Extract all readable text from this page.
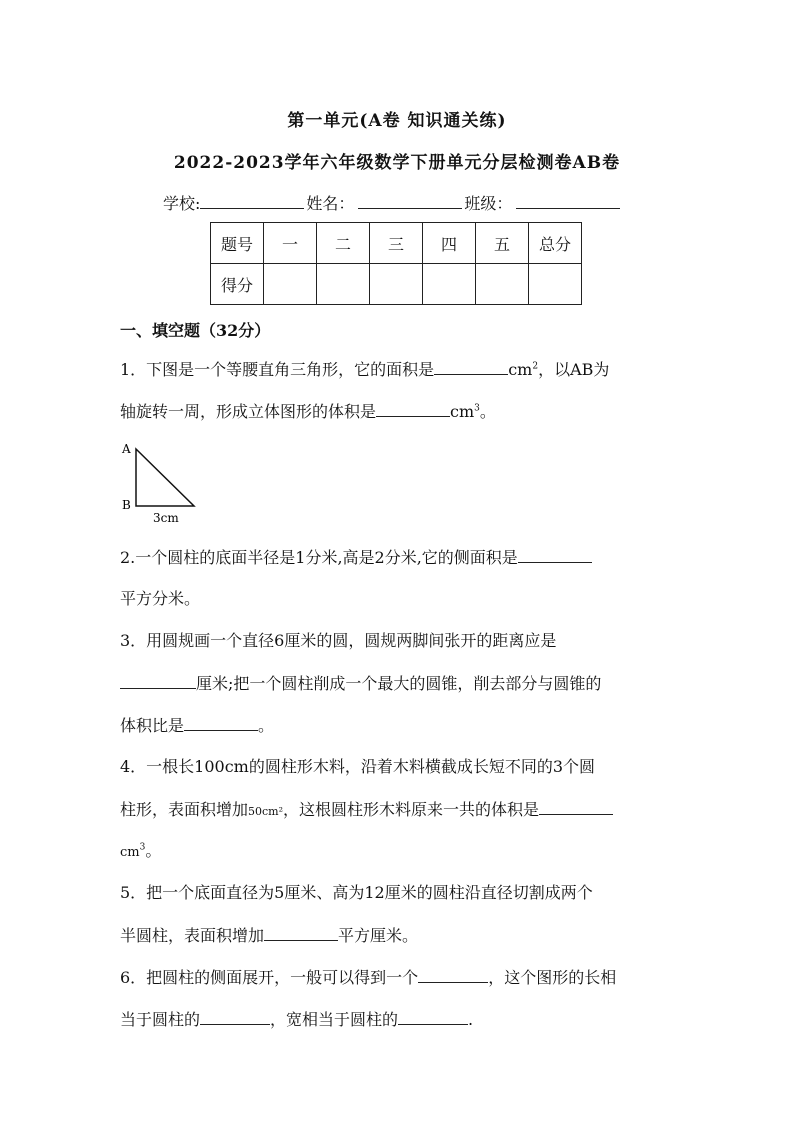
第一单元(A卷 知识通关练)
2022-2023学年六年级数学下册单元分层检测卷AB卷
学校:	姓名：	班级：
题号	一	二	三	四	五	总分
得分						
一、填空题（32分）
1．下图是一个等腰直角三角形，它的面积是	$cm^2$，以AB为
轴旋转一周，形成立体图形的体积是	$cm^3$。
A
B
3cm
2.一个圆柱的底面半径是1分米,高是2分米,它的侧面积是
平方分米。
3．用圆规画一个直径6厘米的圆，圆规两脚间张开的距离应是
厘米;把一个圆柱削成一个最大的圆锥，削去部分与圆锥的
体积比是	。
4．一根长100cm的圆柱形木料，沿着木料横截成长短不同的3个圆
柱形，表面积增加50cm²，这根圆柱形木料原来一共的体积是
$cm^3$。
5．把一个底面直径为5厘米、高为12厘米的圆柱沿直径切割成两个
半圆柱，表面积增加	平方厘米。
6．把圆柱的侧面展开，一般可以得到一个	，这个图形的长相
当于圆柱的	，宽相当于圆柱的	.
